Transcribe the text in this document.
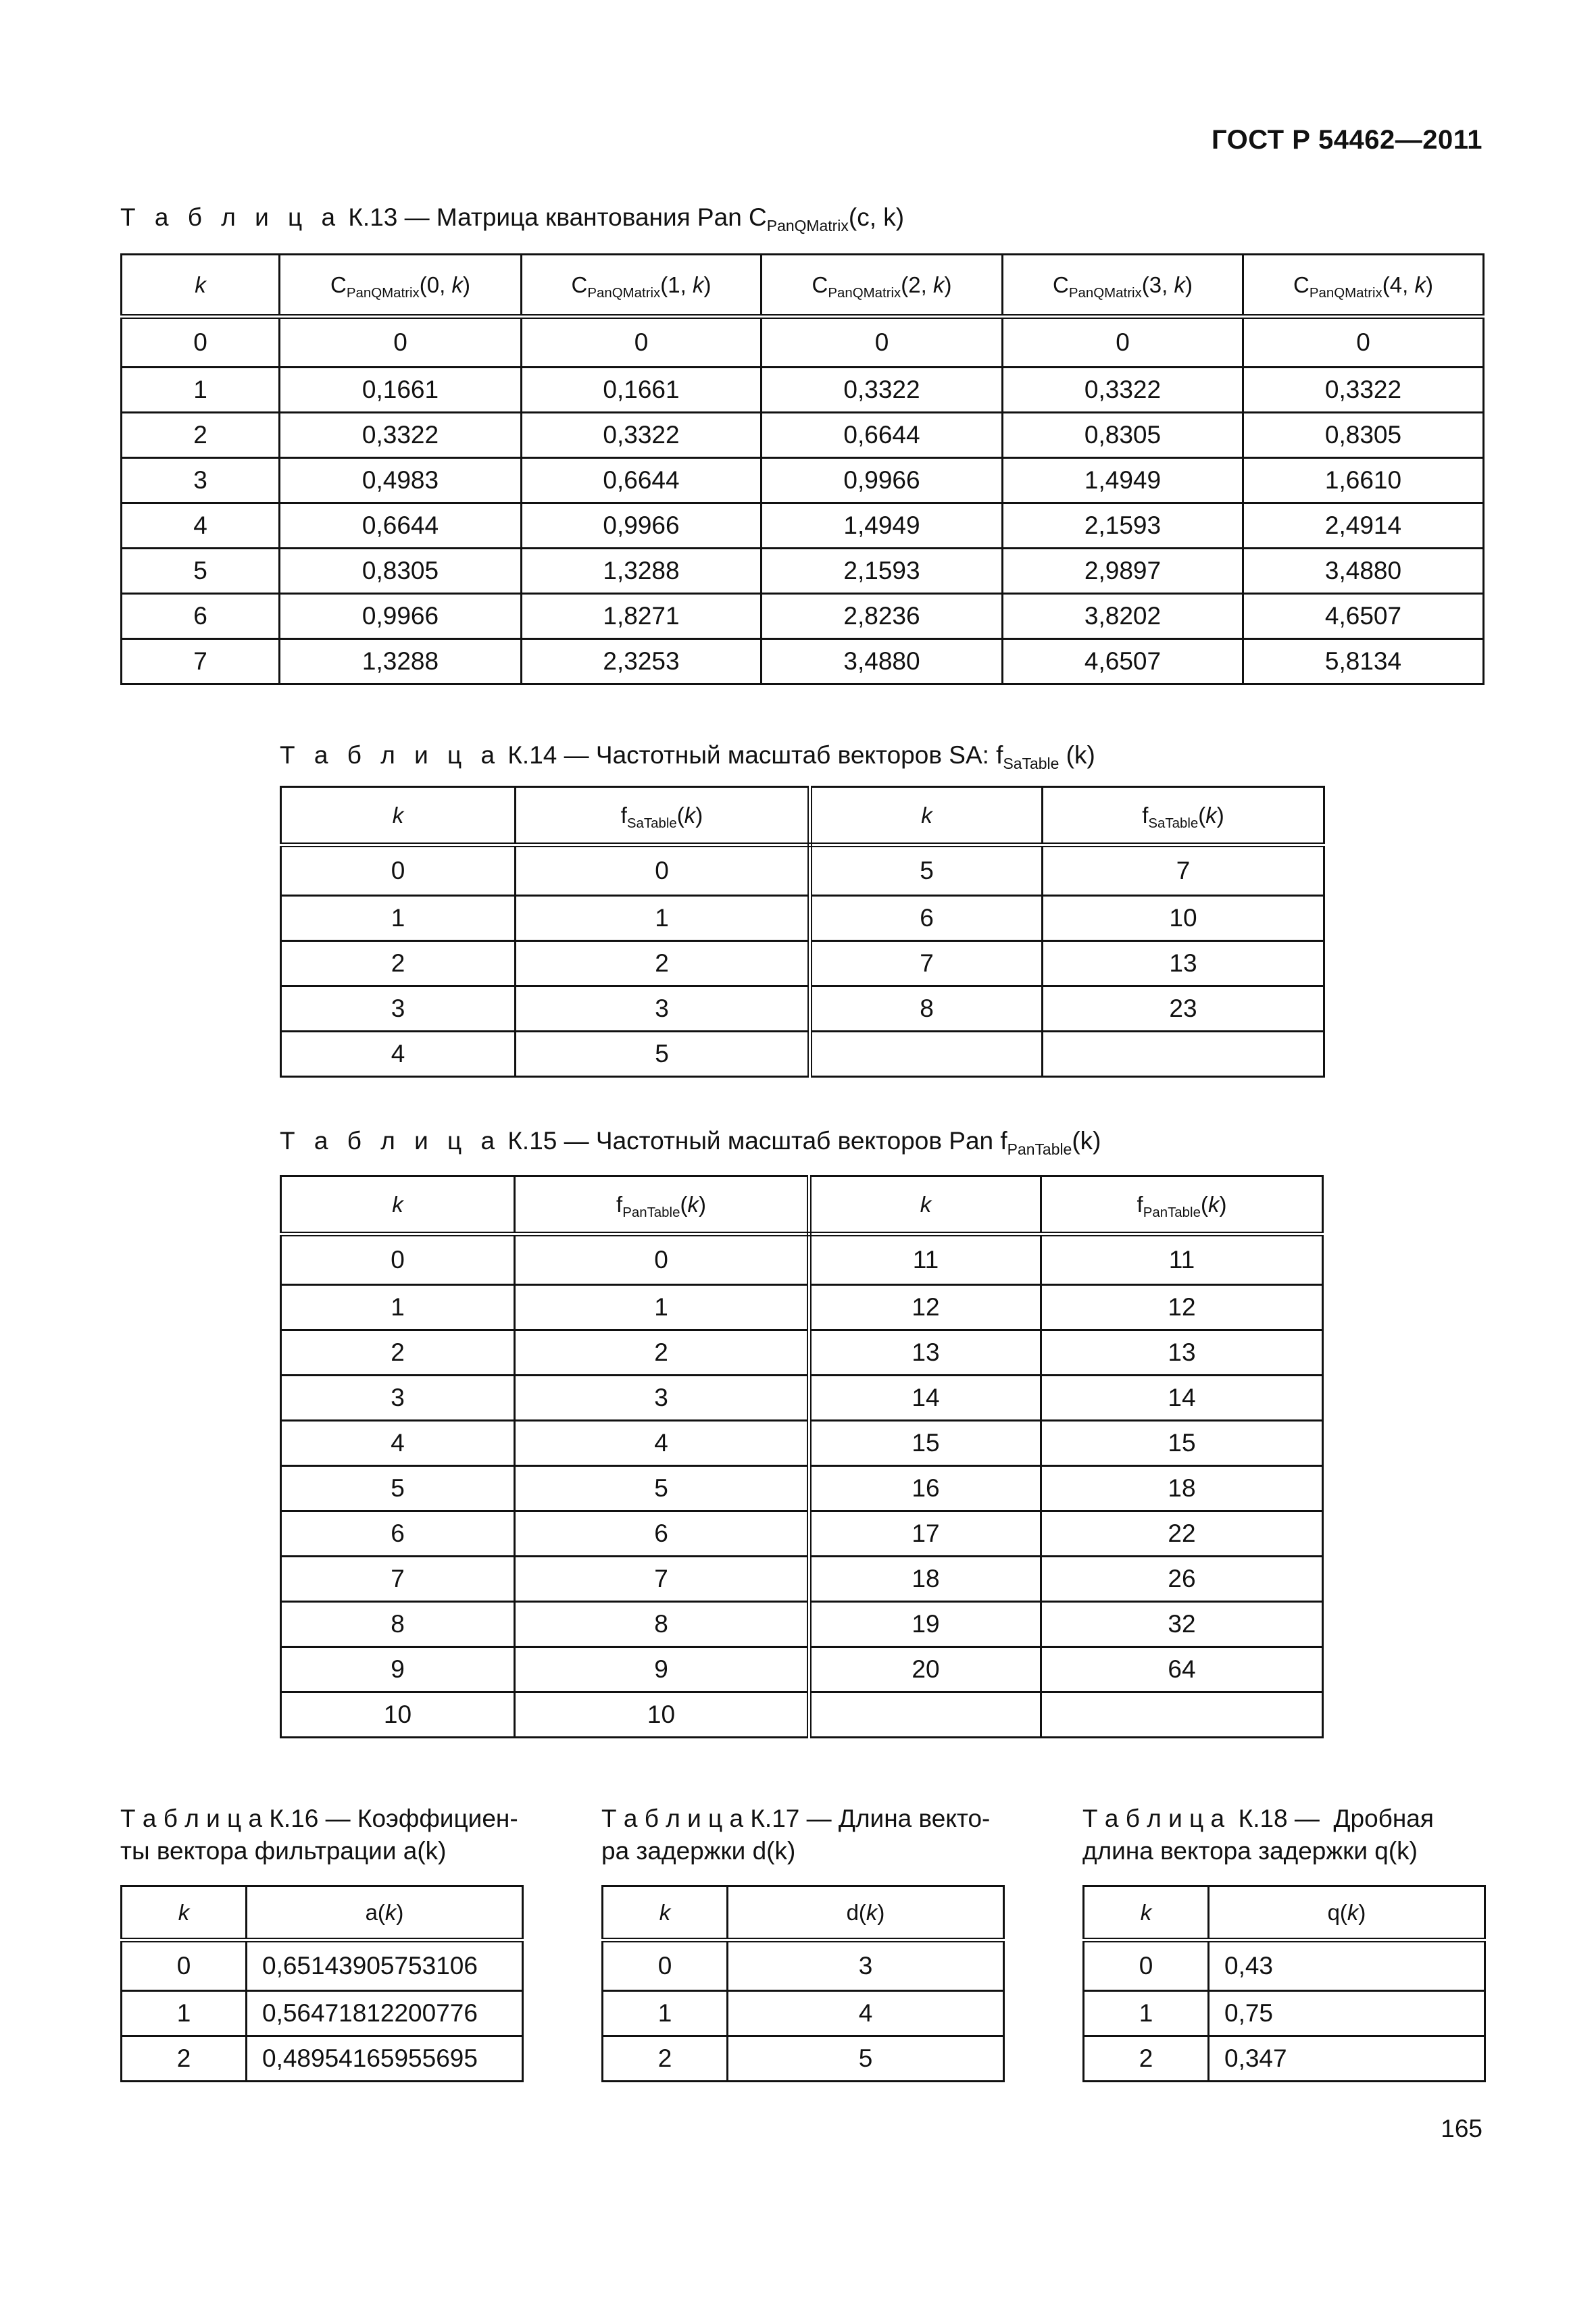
ГОСТ Р 54462—2011
Т а б л и ц а К.13 — Матрица квантования Pan $C_{PanQMatrix}(c$, k)
k	$C_{PanQMatrix}(0$, k)	$C_{PanQMatrix}(1$, k)	$C_{PanQMatrix}(2$, k)	$C_{PanQMatrix}(3$, k)	$C_{PanQMatrix}(4$, k)
0	0	0	0	0	0
1	0,1661	0,1661	0,3322	0,3322	0,3322
2	0,3322	0,3322	0,6644	0,8305	0,8305
3	0,4983	0,6644	0,9966	1,4949	1,6610
4	0,6644	0,9966	1,4949	2,1593	2,4914
5	0,8305	1,3288	2,1593	2,9897	3,4880
6	0,9966	1,8271	2,8236	3,8202	4,6507
7	1,3288	2,3253	3,4880	4,6507	5,8134
Т а б л и ц а К.14 — Частотный масштаб векторов SA: $f_{SaTable}$ (k)
k	$f_{SaTable}(k)$	k	$f_{SaTable}(k)$
0	0	5	7
1	1	6	10
2	2	7	13
3	3	8	23
4	5		
Т а б л и ц а К.15 — Частотный масштаб векторов Pan $f_{PanTable}(k)$
k	$f_{PanTable}(k)$	k	$f_{PanTable}(k)$
0	0	11	11
1	1	12	12
2	2	13	13
3	3	14	14
4	4	15	15
5	5	16	18
6	6	17	22
7	7	18	26
8	8	19	32
9	9	20	64
10	10		
Т а б л и ц а К.16 — Коэффициен-
ты вектора фильтрации a(k)
k	a(k)
0	0,65143905753106
1	0,56471812200776
2	0,48954165955695
Т а б л и ц а К.17 — Длина векто-
ра задержки d(k)
k	d(k)
0	3
1	4
2	5
Т а б л и ц а  К.18 —  Дробная
длина вектора задержки q(k)
k	q(k)
0	0,43
1	0,75
2	0,347
165
